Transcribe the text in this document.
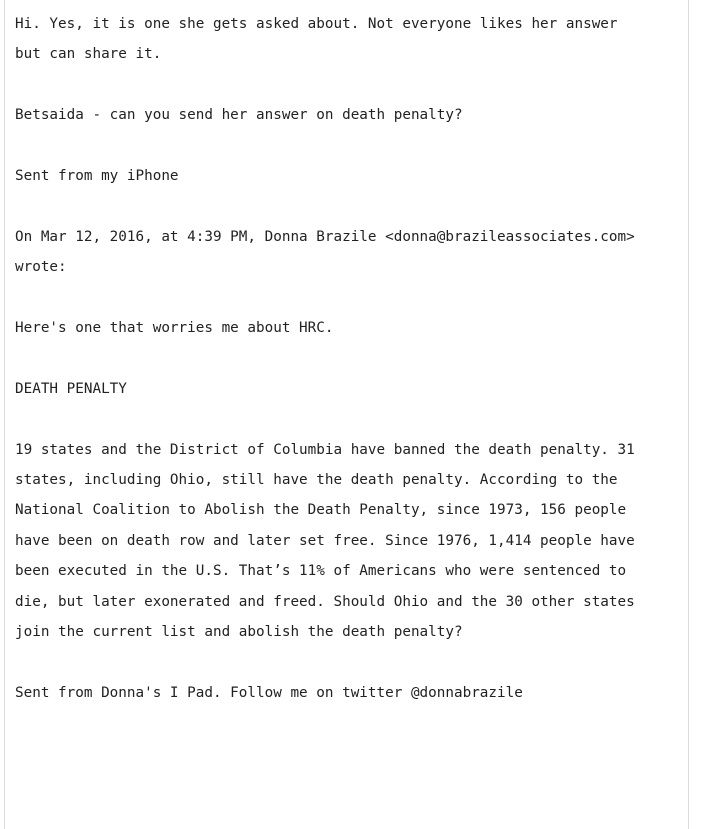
Hi. Yes, it is one she gets asked about. Not everyone likes her answer
but can share it.
Betsaida - can you send her answer on death penalty?
Sent from my iPhone
On Mar 12, 2016, at 4:39 PM, Donna Brazile <donna@brazileassociates.com>
wrote:
Here's one that worries me about HRC.
DEATH PENALTY
19 states and the District of Columbia have banned the death penalty. 31
states, including Ohio, still have the death penalty. According to the
National Coalition to Abolish the Death Penalty, since 1973, 156 people
have been on death row and later set free. Since 1976, 1,414 people have
been executed in the U.S. That’s 11% of Americans who were sentenced to
die, but later exonerated and freed. Should Ohio and the 30 other states
join the current list and abolish the death penalty?
Sent from Donna's I Pad. Follow me on twitter @donnabrazile
